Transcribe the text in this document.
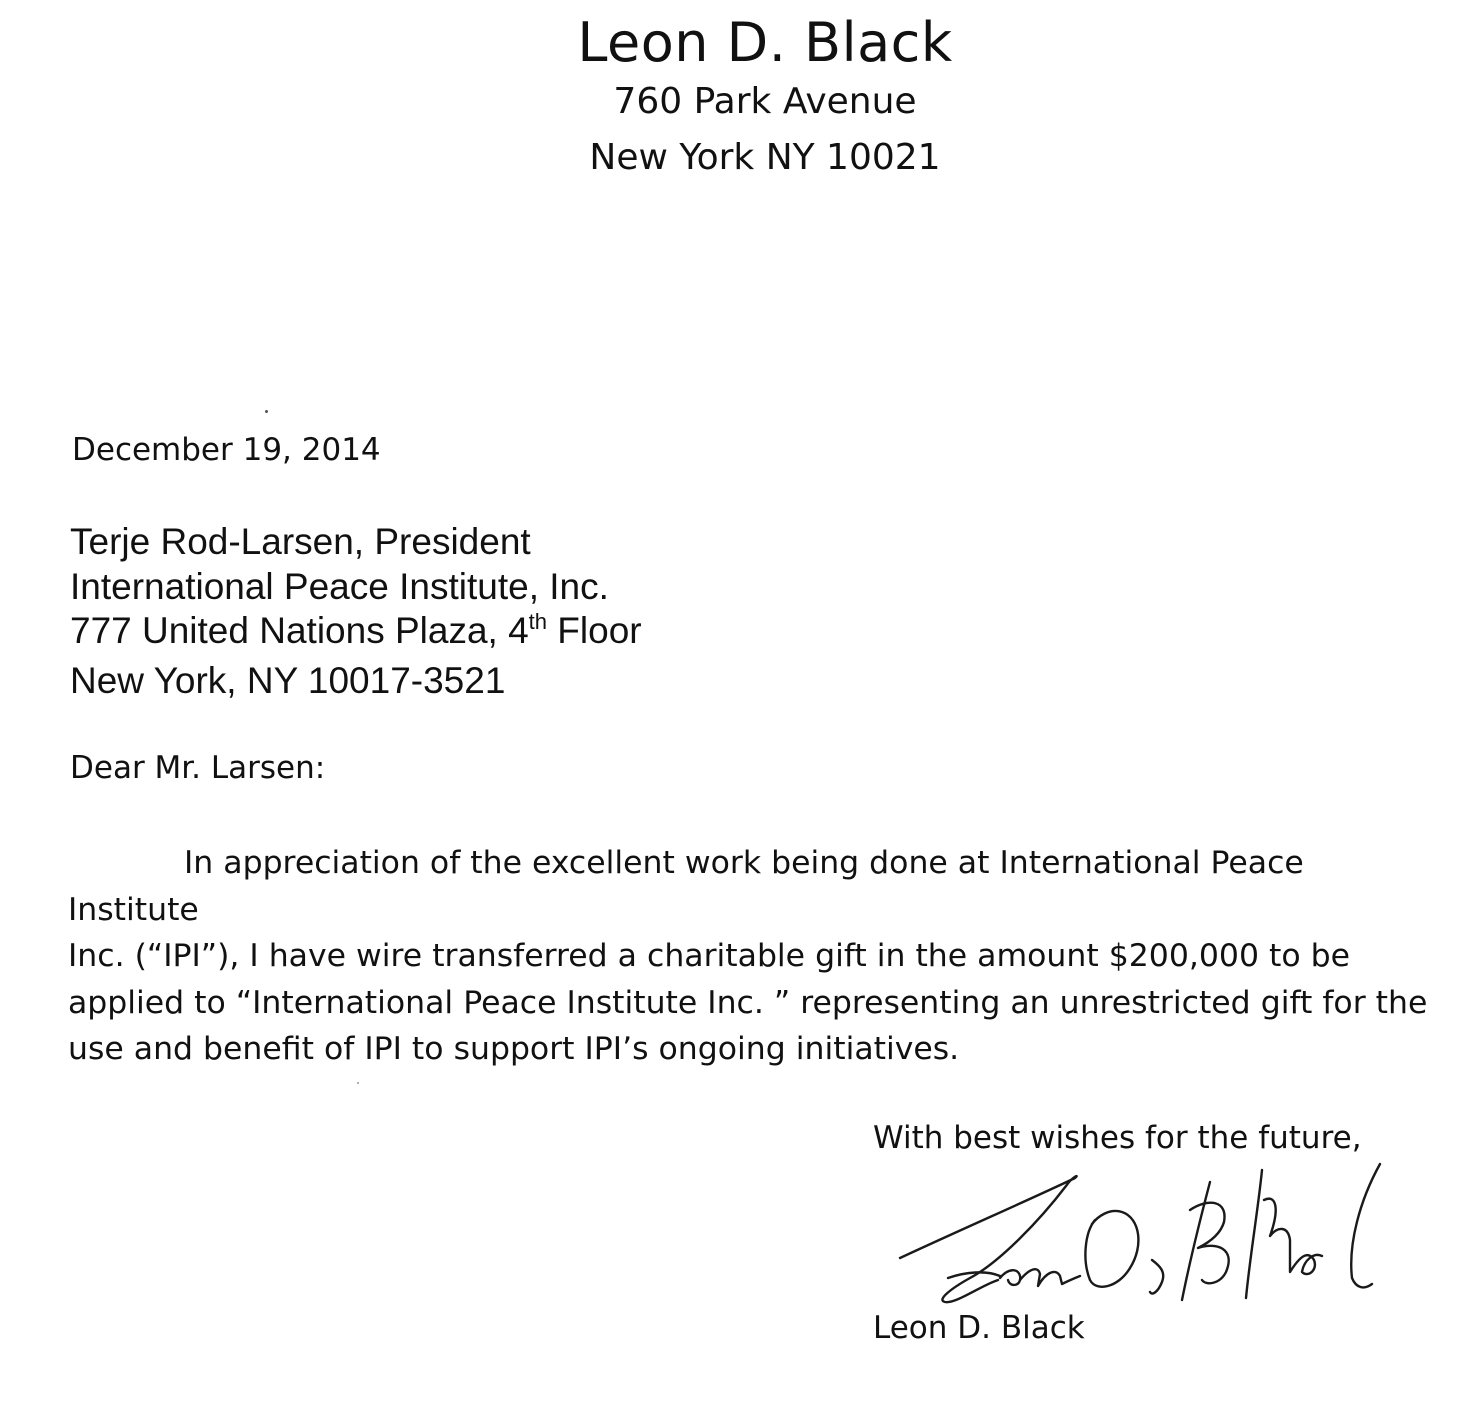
Leon D. Black
760 Park Avenue
New York NY 10021
December 19, 2014
Terje Rod-Larsen, President
International Peace Institute, Inc.
777 United Nations Plaza, 4th Floor
New York, NY 10017-3521
Dear Mr. Larsen:
In appreciation of the excellent work being done at International Peace Institute
Inc. (“IPI”), I have wire transferred a charitable gift in the amount $200,000 to be
applied to “International Peace Institute Inc. ” representing an unrestricted gift for the
use and benefit of IPI to support IPI’s ongoing initiatives.
With best wishes for the future,
Leon D. Black
